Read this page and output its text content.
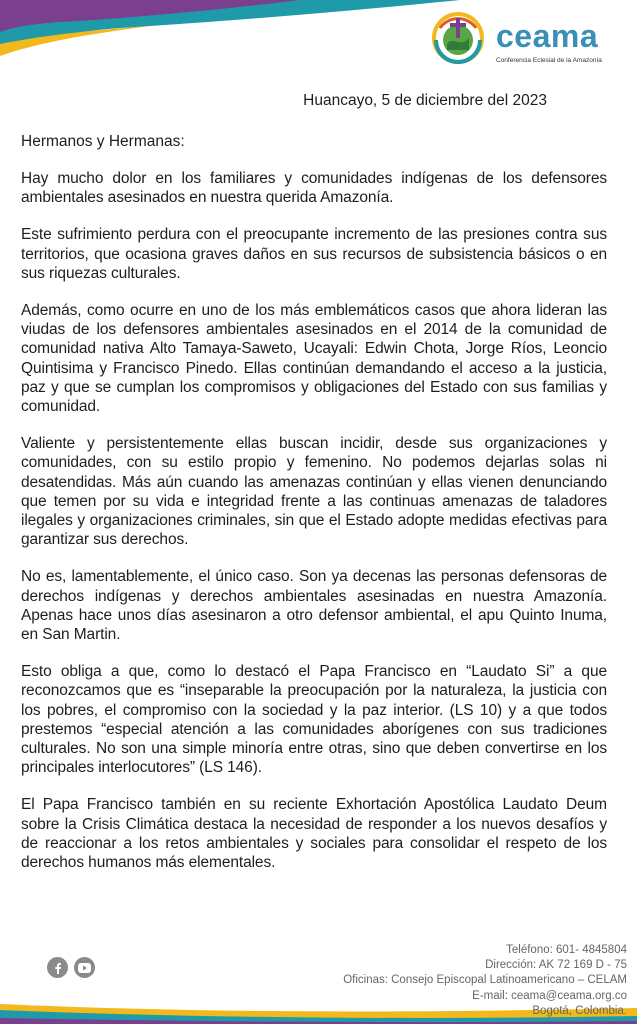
ceama
Conferencia Eclesial de la Amazonía
Huancayo, 5 de diciembre del 2023

Hermanos y Hermanas:

Hay mucho dolor en los familiares y comunidades indígenas de los defensores ambientales asesinados en nuestra querida Amazonía.

Este sufrimiento perdura con el preocupante incremento de las presiones contra sus territorios, que ocasiona graves daños en sus recursos de subsistencia básicos o en sus riquezas culturales.

Además, como ocurre en uno de los más emblemáticos casos que ahora lideran las viudas de los defensores ambientales asesinados en el 2014 de la comunidad de comunidad nativa Alto Tamaya-Saweto, Ucayali: Edwin Chota, Jorge Ríos, Leoncio Quintisima y Francisco Pinedo. Ellas continúan demandando el acceso a la justicia, paz y que se cumplan los compromisos y obligaciones del Estado con sus familias y comunidad.

Valiente y persistentemente ellas buscan incidir, desde sus organizaciones y comunidades, con su estilo propio y femenino. No podemos dejarlas solas ni desatendidas. Más aún cuando las amenazas continúan y ellas vienen denunciando que temen por su vida e integridad frente a las continuas amenazas de taladores ilegales y organizaciones criminales, sin que el Estado adopte medidas efectivas para garantizar sus derechos.

No es, lamentablemente, el único caso. Son ya decenas las personas defensoras de derechos indígenas y derechos ambientales asesinadas en nuestra Amazonía. Apenas hace unos días asesinaron a otro defensor ambiental, el apu Quinto Inuma, en San Martin.

Esto obliga a que, como lo destacó el Papa Francisco en “Laudato Si” a que reconozcamos que es “inseparable la preocupación por la naturaleza, la justicia con los pobres, el compromiso con la sociedad y la paz interior. (LS 10) y a que todos prestemos “especial atención a las comunidades aborígenes con sus tradiciones culturales. No son una simple minoría entre otras, sino que deben convertirse en los principales interlocutores” (LS 146).

El Papa Francisco también en su reciente Exhortación Apostólica Laudato Deum sobre la Crisis Climática destaca la necesidad de responder a los nuevos desafíos y de reaccionar a los retos ambientales y sociales para consolidar el respeto de los derechos humanos más elementales.

Teléfono: 601- 4845804
Dirección: AK 72 169 D - 75
Oficinas: Consejo Episcopal Latinoamericano – CELAM
E-mail: ceama@ceama.org.co
Bogotá, Colombia.
